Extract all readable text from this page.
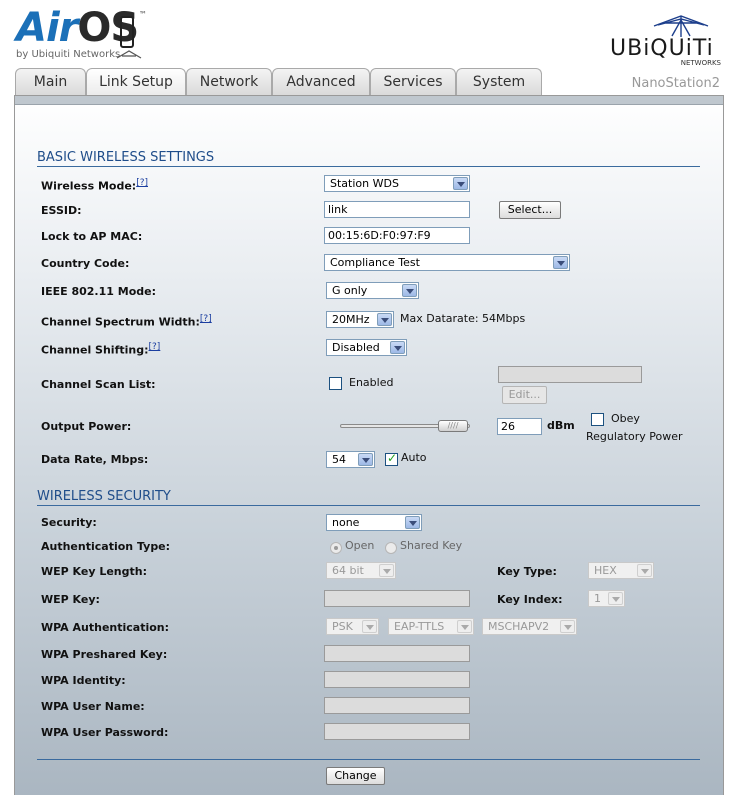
AirOS ™
by Ubiquiti Networks	UBiQUiTi
NETWORKS
Main	Link Setup	Network	Advanced	Services	System	NanoStation2
BASIC WIRELESS SETTINGS
Wireless Mode:[?]	Station WDS
ESSID:	link	Select...
Lock to AP MAC:	00:15:6D:F0:97:F9
Country Code:	Compliance Test
IEEE 802.11 Mode:	G only
Channel Spectrum Width:[?]	20MHz	Max Datarate: 54Mbps
Channel Shifting:[?]	Disabled
Channel Scan List:	Enabled
Edit...
Output Power:	////	26	dBm
Obey
Regulatory Power
Data Rate, Mbps:	54
✓	Auto
WIRELESS SECURITY
Security:	none
Authentication Type:	Open Shared Key
WEP Key Length:	64 bit	Key Type:	HEX
WEP Key:	Key Index:	1
WPA Authentication:	PSK	EAP-TTLS	MSCHAPV2
WPA Preshared Key:
WPA Identity:
WPA User Name:
WPA User Password:
Change
